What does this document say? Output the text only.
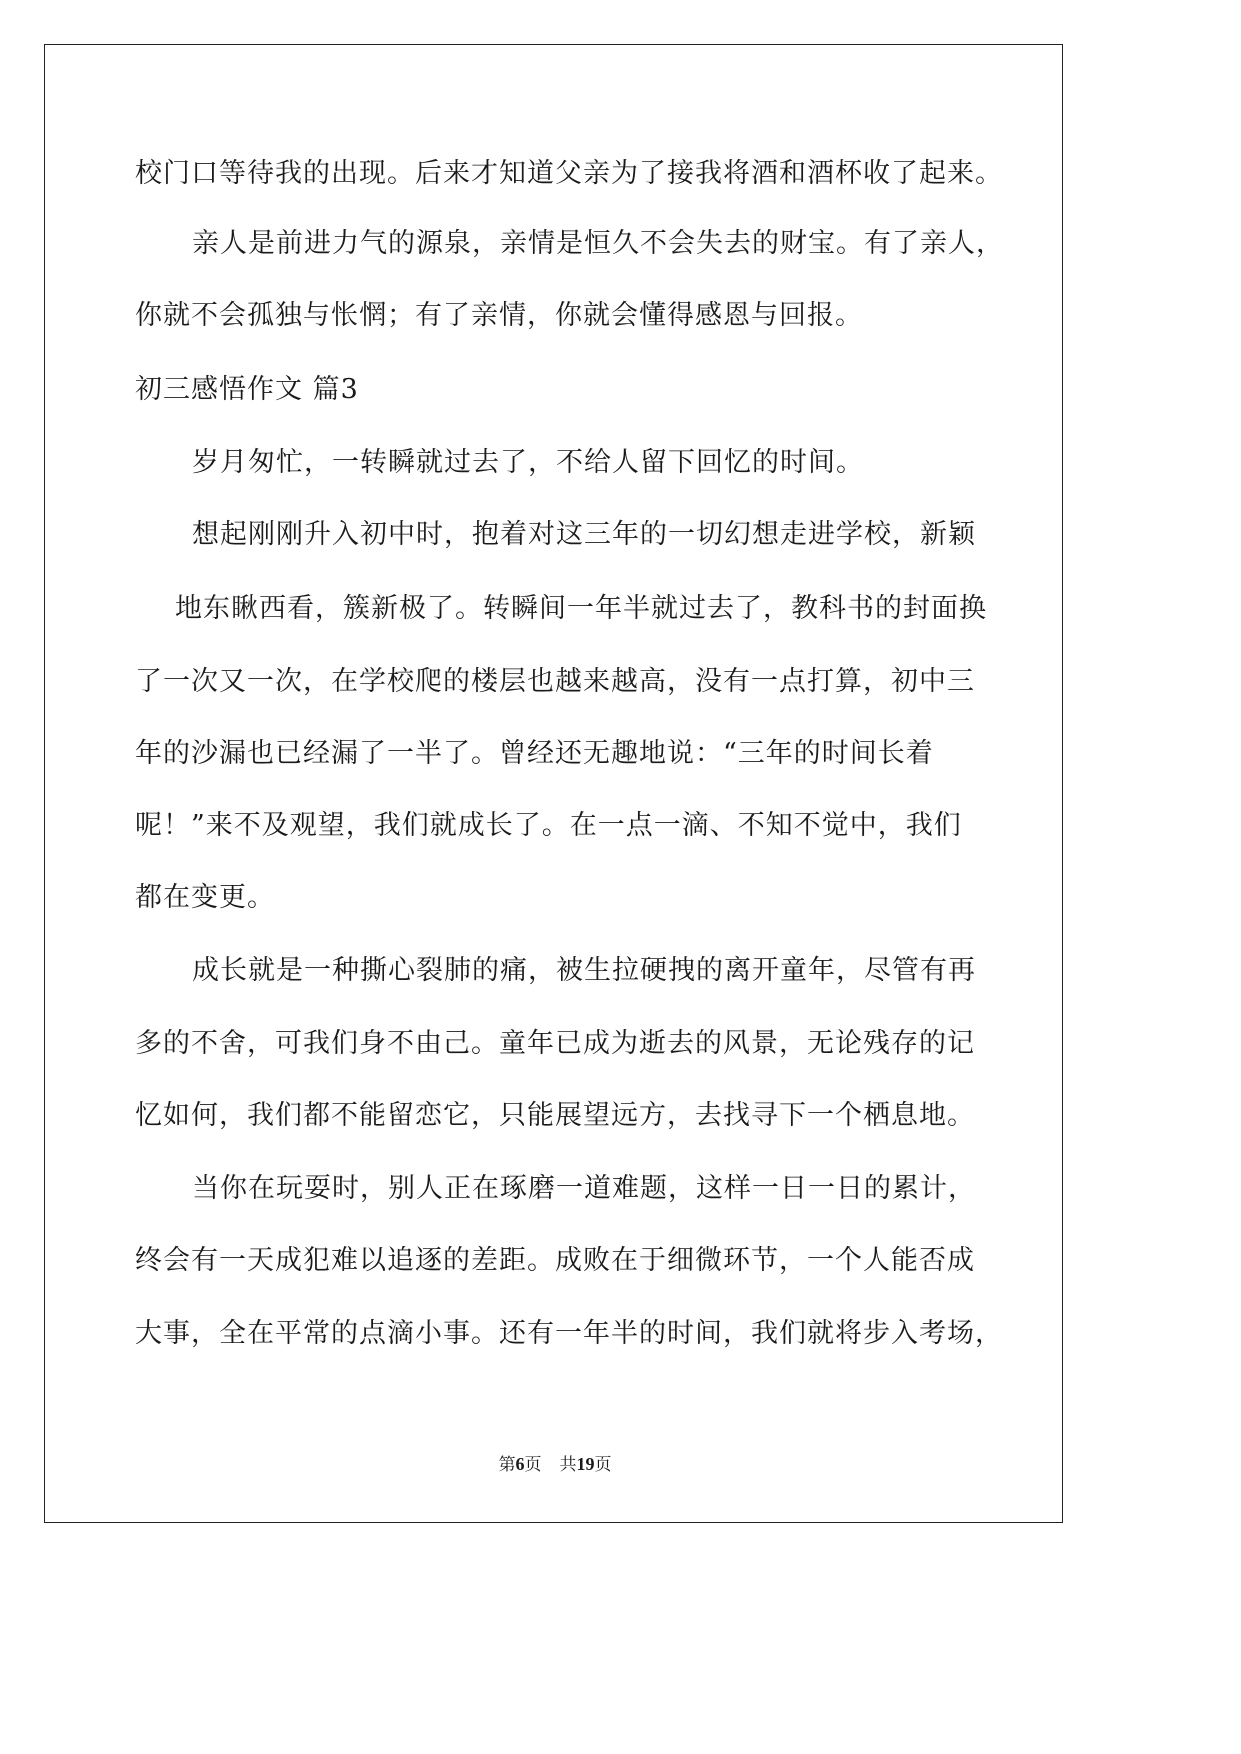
校门口等待我的出现。后来才知道父亲为了接我将酒和酒杯收了起来。
亲人是前进力气的源泉，亲情是恒久不会失去的财宝。有了亲人，
你就不会孤独与怅惘；有了亲情，你就会懂得感恩与回报。
初三感悟作文 篇3
岁月匆忙，一转瞬就过去了，不给人留下回忆的时间。
想起刚刚升入初中时，抱着对这三年的一切幻想走进学校，新颖
地东瞅西看，簇新极了。转瞬间一年半就过去了，教科书的封面换
了一次又一次，在学校爬的楼层也越来越高，没有一点打算，初中三
年的沙漏也已经漏了一半了。曾经还无趣地说：“三年的时间长着
呢！”来不及观望，我们就成长了。在一点一滴、不知不觉中，我们
都在变更。
成长就是一种撕心裂肺的痛，被生拉硬拽的离开童年，尽管有再
多的不舍，可我们身不由己。童年已成为逝去的风景，无论残存的记
忆如何，我们都不能留恋它，只能展望远方，去找寻下一个栖息地。
当你在玩耍时，别人正在琢磨一道难题，这样一日一日的累计，
终会有一天成犯难以追逐的差距。成败在于细微环节，一个人能否成
大事，全在平常的点滴小事。还有一年半的时间，我们就将步入考场，
第6页 共19页
